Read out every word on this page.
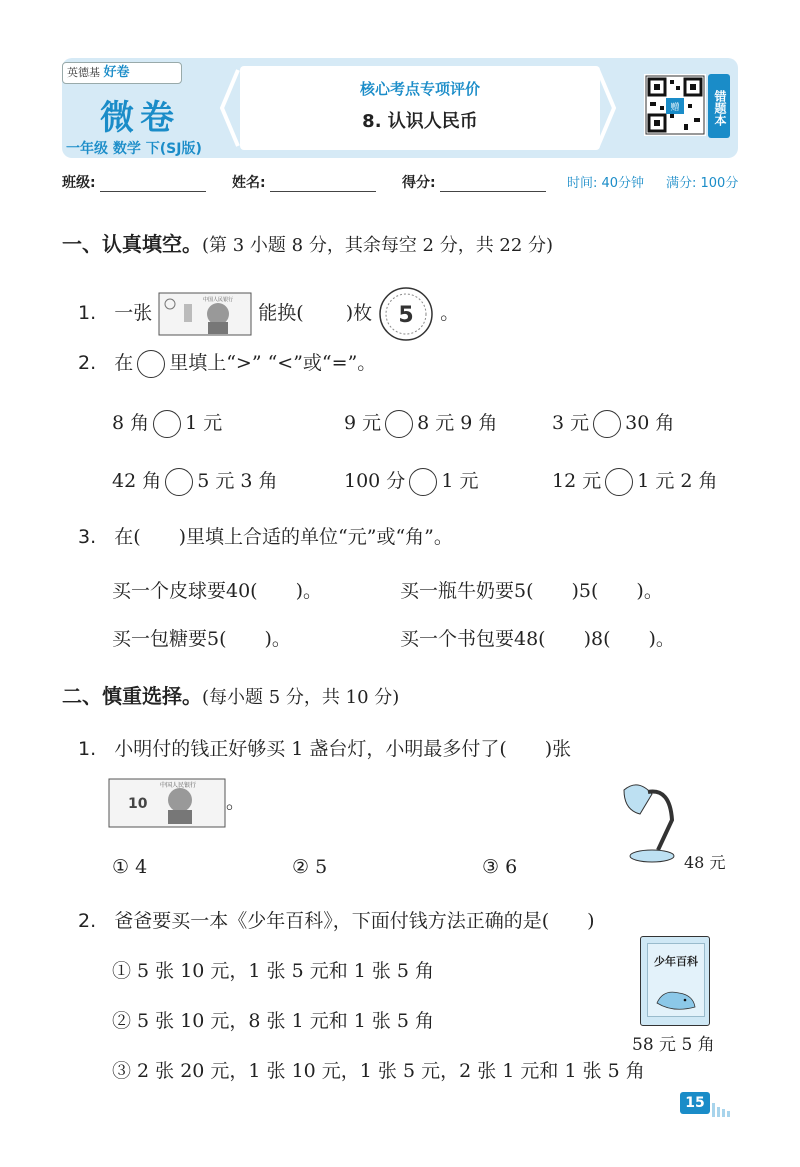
英德基 好卷
微卷
一年级 数学 下(SJ版)
核心考点专项评价
8. 认识人民币
赠	错题本
班级:	姓名:	得分:	时间: 40分钟 满分: 100分
一、认真填空。(第 3 小题 8 分，其余每空 2 分，共 22 分)
1. 一张
中国人民银行
能换( )枚 5 。
2. 在 里填上“>” “<”或“=”。
8 角 1 元	9 元 8 元 9 角	3 元 30 角
42 角 5 元 3 角	100 分 1 元	12 元 1 元 2 角
3. 在(　　)里填上合适的单位“元”或“角”。
买一个皮球要40(　　)。	买一瓶牛奶要5(　　)5(　　)。
买一包糖要5(　　)。	买一个书包要48(　　)8(　　)。
二、慎重选择。(每小题 5 分，共 10 分)
1. 小明付的钱正好够买 1 盏台灯，小明最多付了(　　)张
10
中国人民银行
。
48 元
① 4	② 5	③ 6
2. 爸爸要买一本《少年百科》，下面付钱方法正确的是(　　)
少年百科
58 元 5 角
① 5 张 10 元，1 张 5 元和 1 张 5 角
② 5 张 10 元，8 张 1 元和 1 张 5 角
③ 2 张 20 元，1 张 10 元，1 张 5 元，2 张 1 元和 1 张 5 角
15
